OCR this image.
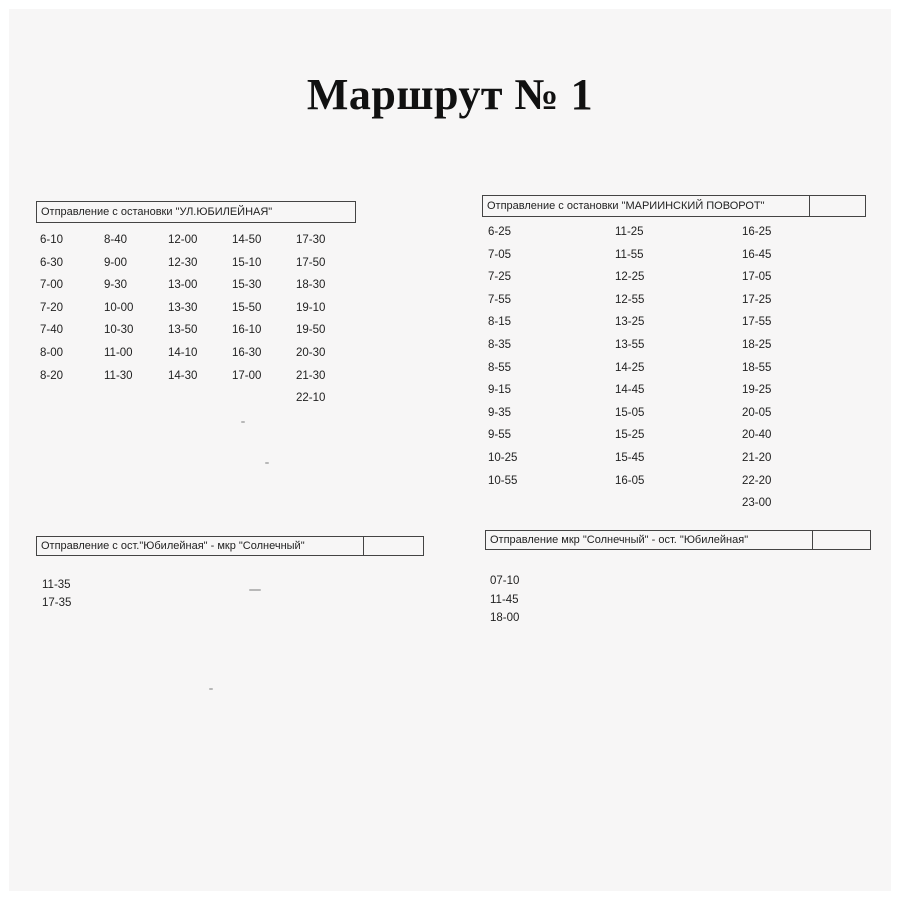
Маршрут № 1
Отправление с остановки "УЛ.ЮБИЛЕЙНАЯ"
6-10
6-30
7-00
7-20
7-40
8-00
8-20
8-40
9-00
9-30
10-00
10-30
11-00
11-30
12-00
12-30
13-00
13-30
13-50
14-10
14-30
14-50
15-10
15-30
15-50
16-10
16-30
17-00
17-30
17-50
18-30
19-10
19-50
20-30
21-30
22-10
Отправление с остановки "МАРИИНСКИЙ ПОВОРОТ"
6-25
7-05
7-25
7-55
8-15
8-35
8-55
9-15
9-35
9-55
10-25
10-55
11-25
11-55
12-25
12-55
13-25
13-55
14-25
14-45
15-05
15-25
15-45
16-05
16-25
16-45
17-05
17-25
17-55
18-25
18-55
19-25
20-05
20-40
21-20
22-20
23-00
Отправление с ост."Юбилейная" - мкр "Солнечный"
11-35
17-35
Отправление мкр "Солнечный" - ост. "Юбилейная"
07-10
11-45
18-00
